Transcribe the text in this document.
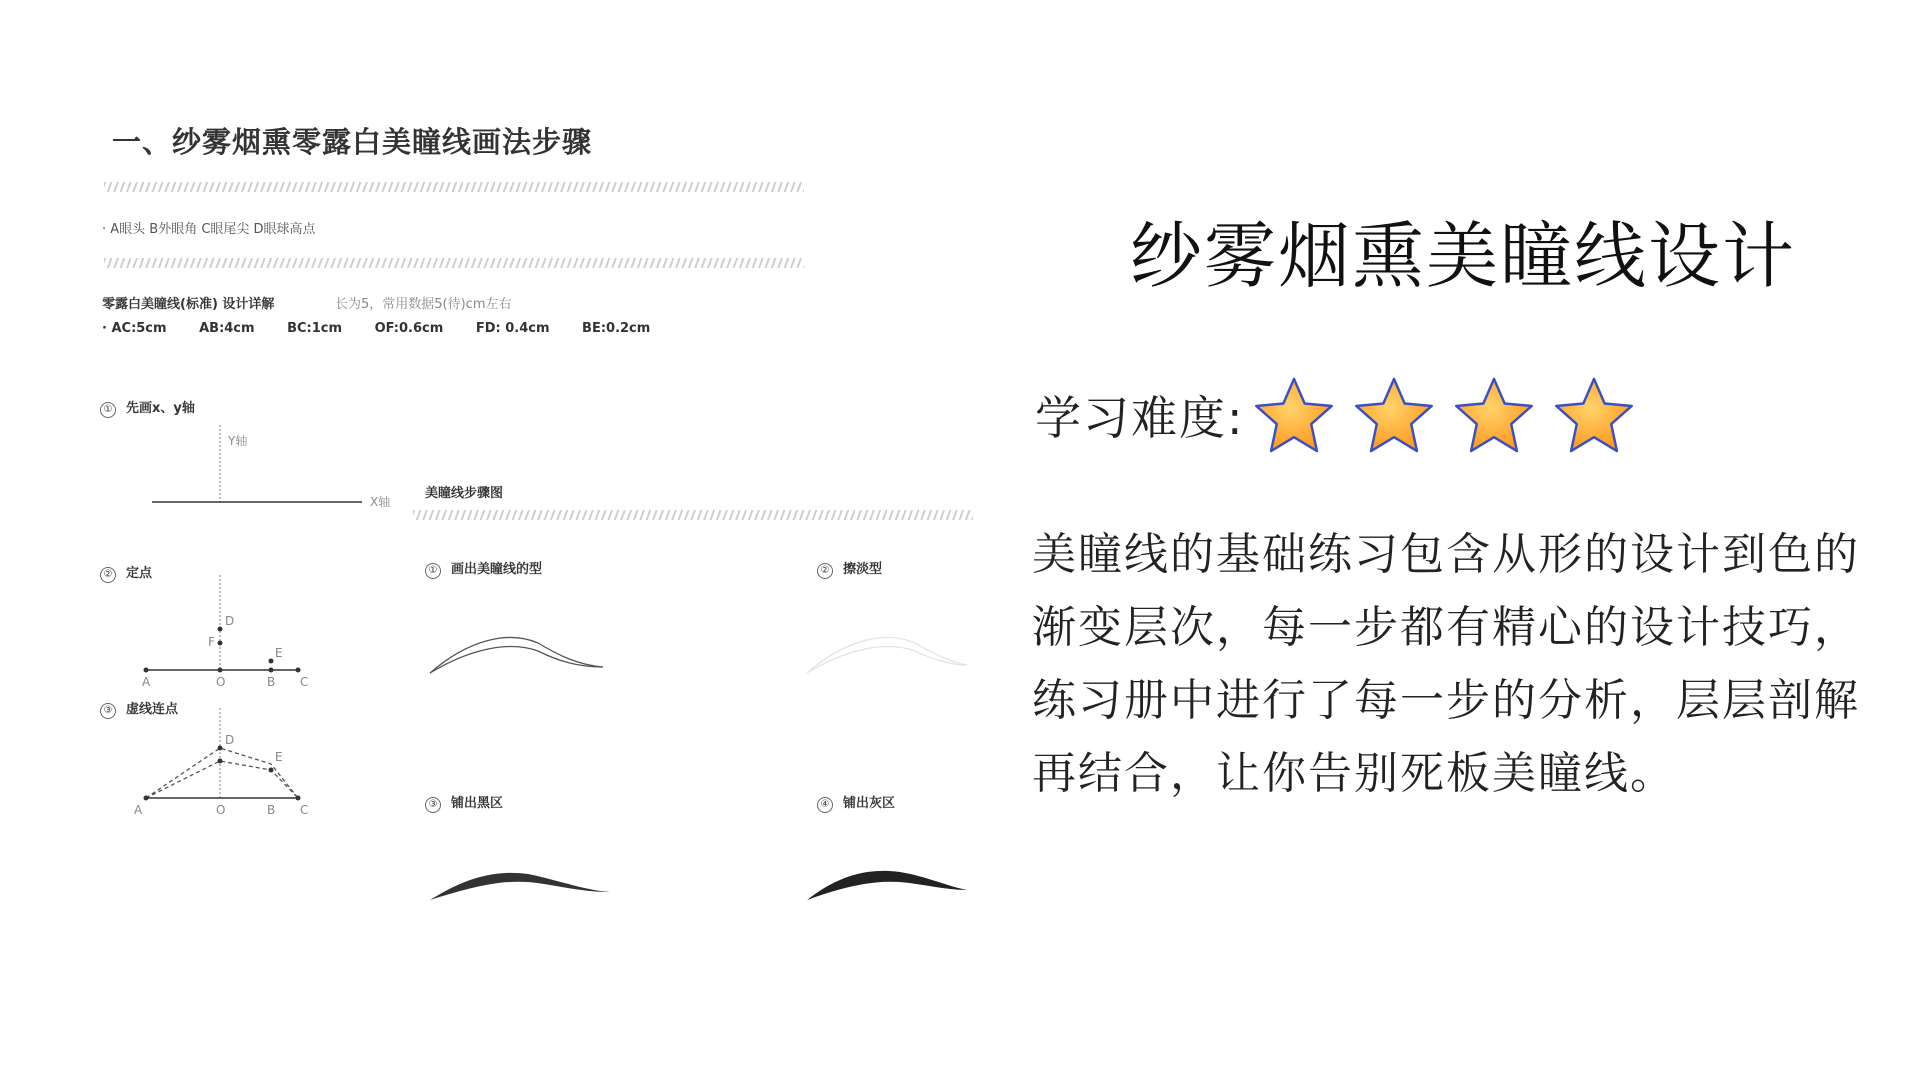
一、纱雾烟熏零露白美瞳线画法步骤
· A眼头 B外眼角 C眼尾尖 D眼球高点
零露白美瞳线(标准) 设计详解	长为5，常用数据5(待)cm左右
· AC:5cm	AB:4cm	BC:1cm	OF:0.6cm	FD: 0.4cm	BE:0.2cm
① 先画x、y轴
Y轴
X轴
美瞳线步骤图
② 定点
A	O	B C
D
F
E
③ 虚线连点
A	O	B C
D
E
① 画出美瞳线的型	② 擦淡型
③ 铺出黑区	④ 铺出灰区
纱雾烟熏美瞳线设计
学习难度:
美瞳线的基础练习包含从形的设计到色的渐变层次，每一步都有精心的设计技巧，练习册中进行了每一步的分析，层层剖解再结合，让你告别死板美瞳线。
